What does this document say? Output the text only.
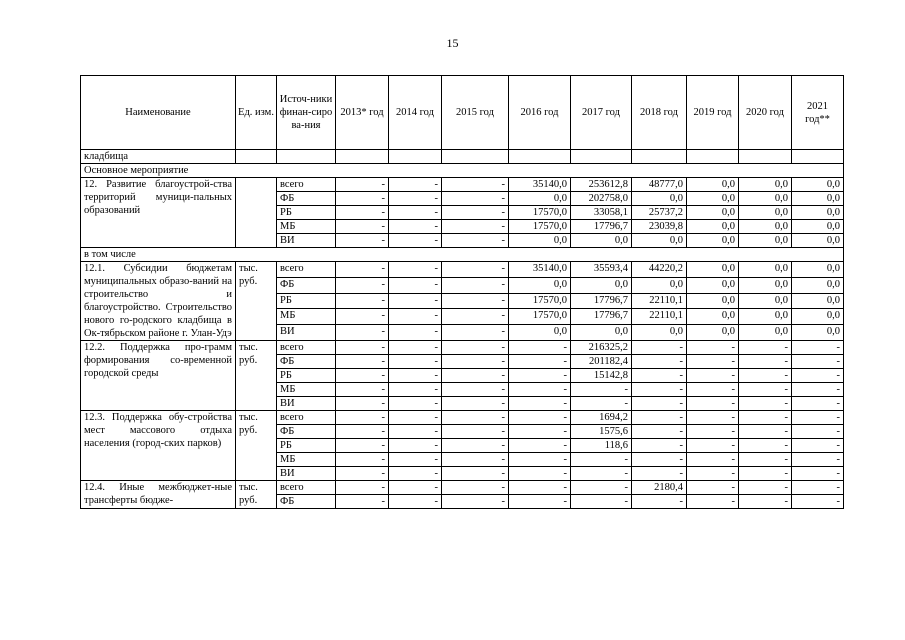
15
Наименование	Ед. изм.	Источ-ники финан-сирова-ния	2013* год	2014 год	2015 год	2016 год	2017 год	2018 год	2019 год	2020 год	2021 год**
кладбища											
Основное мероприятие											
12. Развитие благоустрой-ства территорий муници-пальных образований		всего	-	-	-	35140,0	253612,8	48777,0	0,0	0,0	0,0
		ФБ	-	-	-	0,0	202758,0	0,0	0,0	0,0	0,0
		РБ	-	-	-	17570,0	33058,1	25737,2	0,0	0,0	0,0
		МБ	-	-	-	17570,0	17796,7	23039,8	0,0	0,0	0,0
		ВИ	-	-	-	0,0	0,0	0,0	0,0	0,0	0,0
в том числе											
12.1. Субсидии бюджетам муниципальных образо-ваний на строительство и благоустройство. Строительство нового го-родского кладбища в Ок-тябрьском районе г. Улан-Удэ	тыс. руб.	всего	-	-	-	35140,0	35593,4	44220,2	0,0	0,0	0,0
		ФБ	-	-	-	0,0	0,0	0,0	0,0	0,0	0,0
		РБ	-	-	-	17570,0	17796,7	22110,1	0,0	0,0	0,0
		МБ	-	-	-	17570,0	17796,7	22110,1	0,0	0,0	0,0
		ВИ	-	-	-	0,0	0,0	0,0	0,0	0,0	0,0
12.2. Поддержка про-грамм формирования со-временной городской среды	тыс. руб.	всего	-	-	-	-	216325,2	-	-	-	-
		ФБ	-	-	-	-	201182,4	-	-	-	-
		РБ	-	-	-	-	15142,8	-	-	-	-
		МБ	-	-	-	-	-	-	-	-	-
		ВИ	-	-	-	-	-	-	-	-	-
12.3. Поддержка обу-стройства мест массового отдыха населения (город-ских парков)	тыс. руб.	всего	-	-	-	-	1694,2	-	-	-	-
		ФБ	-	-	-	-	1575,6	-	-	-	-
		РБ	-	-	-	-	118,6	-	-	-	-
		МБ	-	-	-	-	-	-	-	-	-
		ВИ	-	-	-	-	-	-	-	-	-
12.4. Иные межбюджет-ные трансферты бюдже-	тыс. руб.	всего	-	-	-	-	-	2180,4	-	-	-
		ФБ	-	-	-	-	-	-	-	-	-
